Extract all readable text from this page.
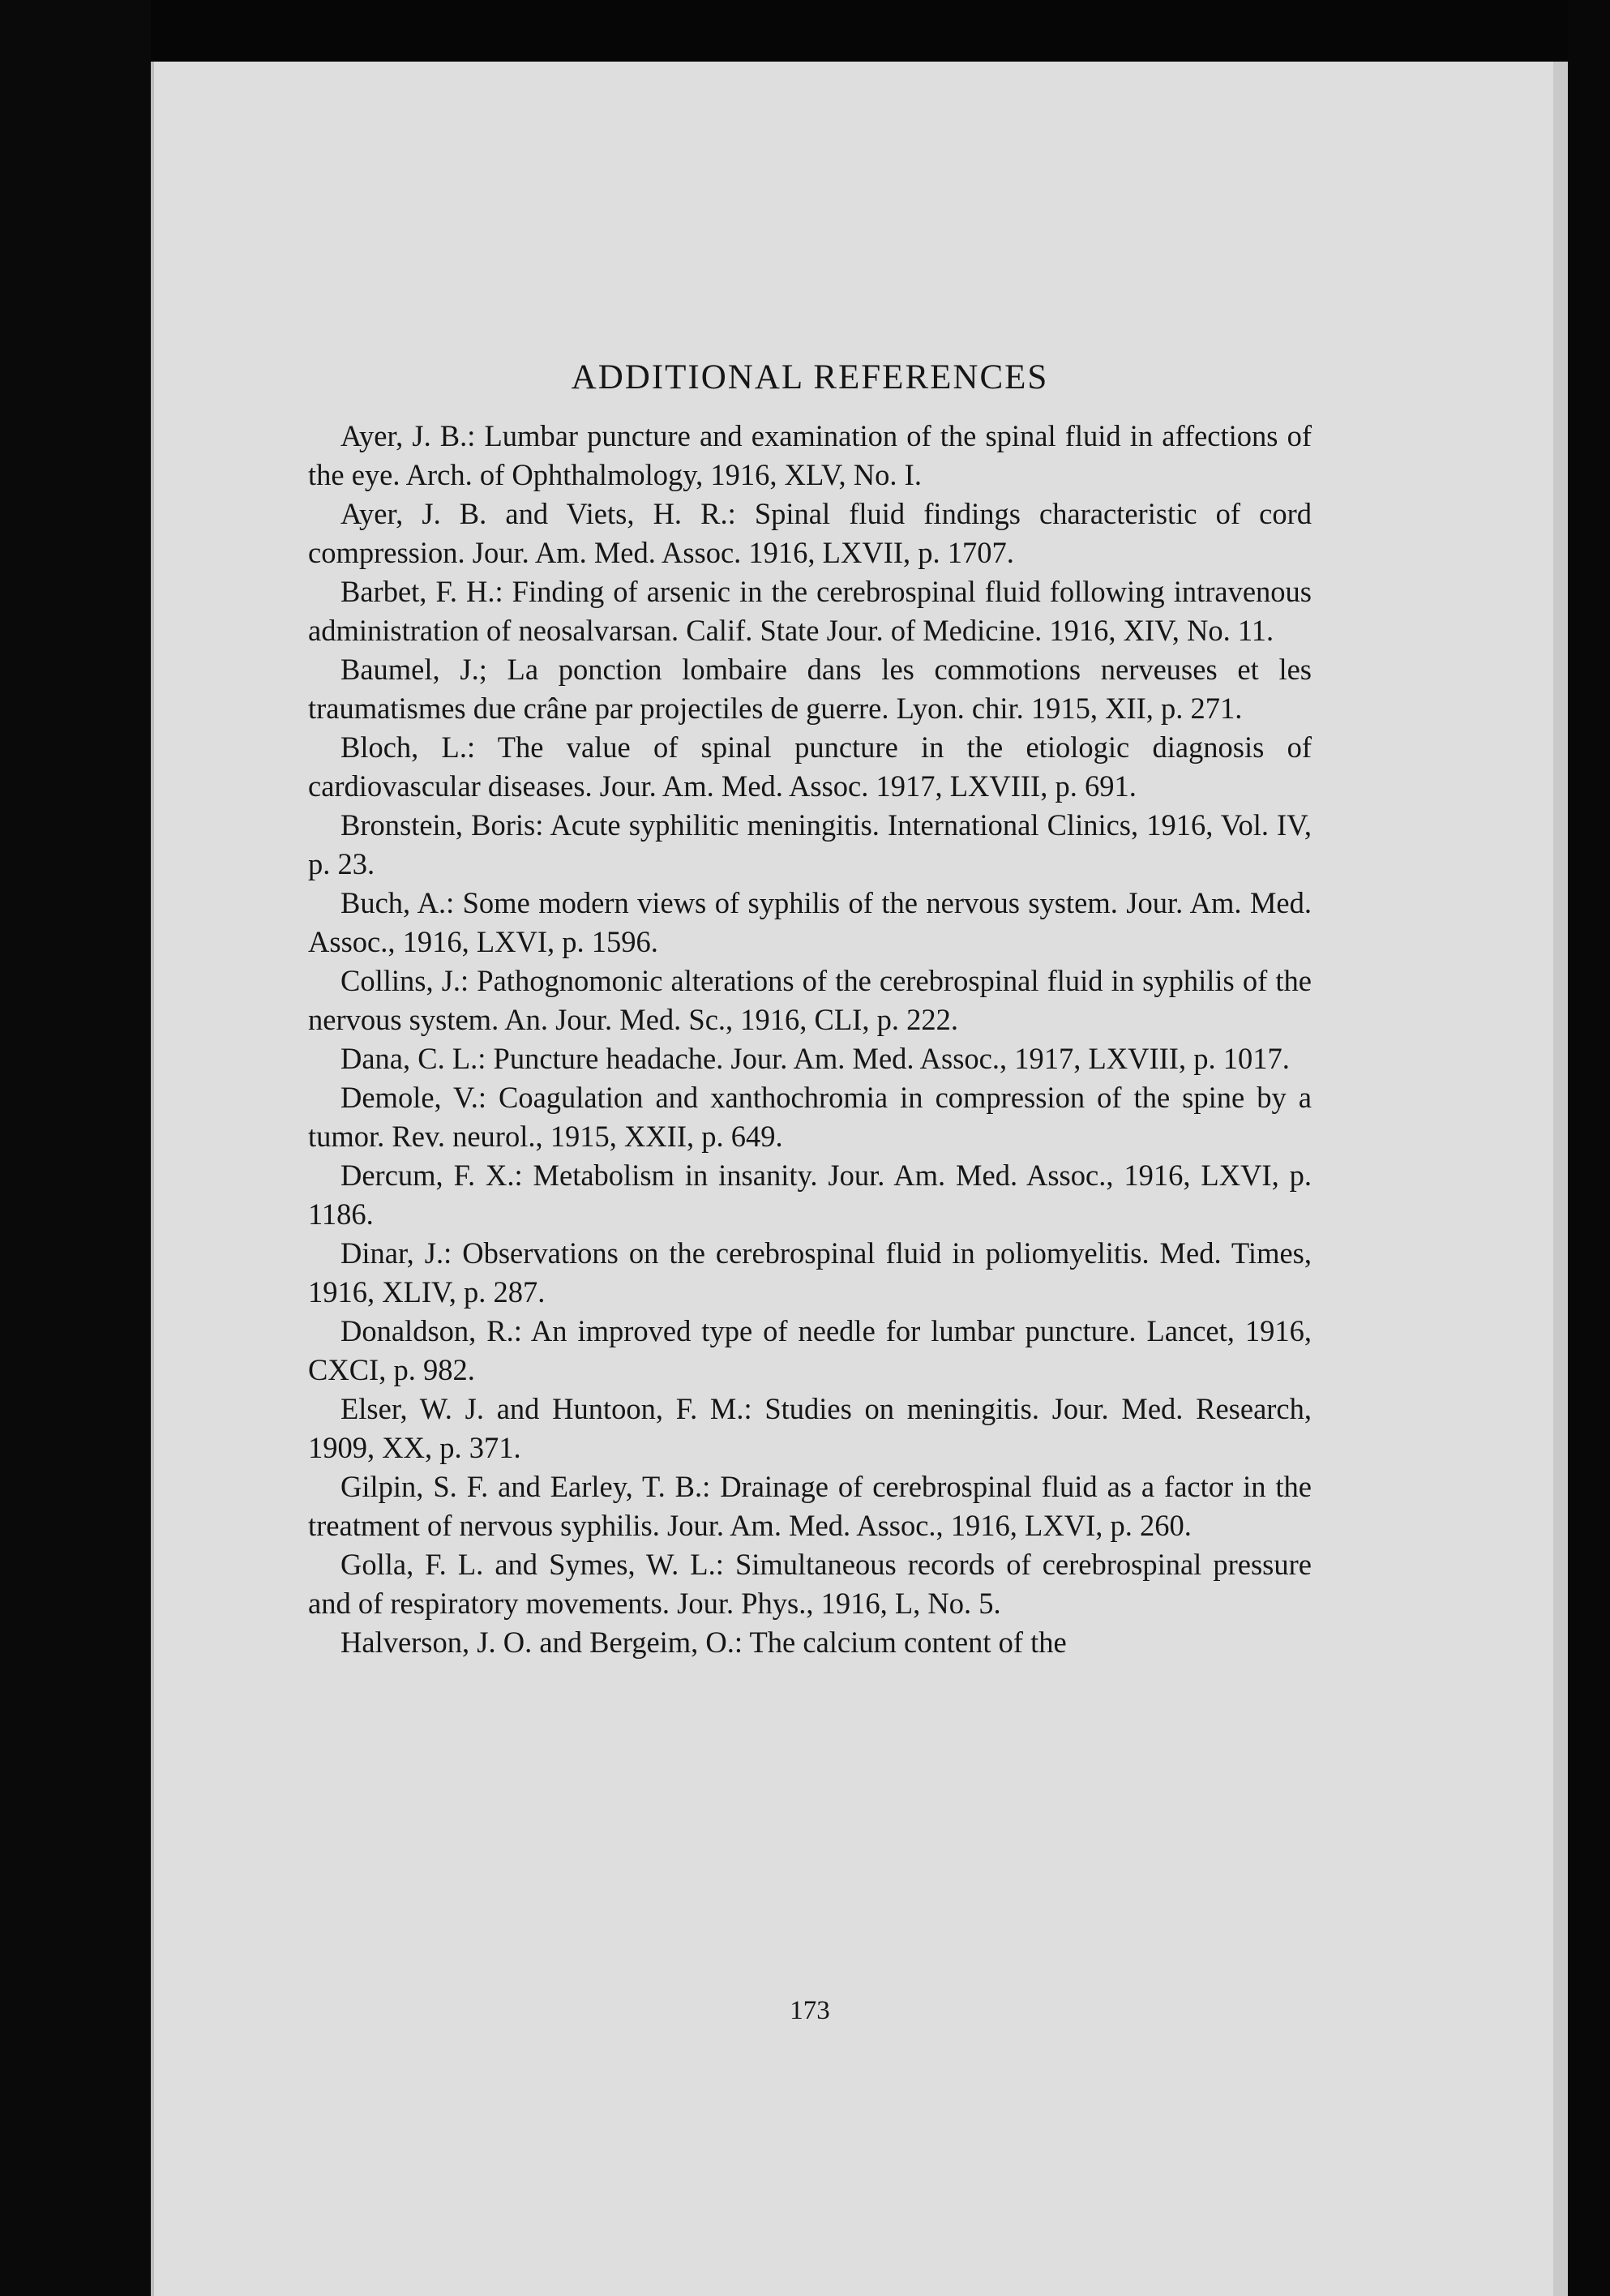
ADDITIONAL REFERENCES

Ayer, J. B.: Lumbar puncture and examination of the spinal fluid in affections of the eye. Arch. of Ophthalmology, 1916, XLV, No. I.

Ayer, J. B. and Viets, H. R.: Spinal fluid findings characteristic of cord compression. Jour. Am. Med. Assoc. 1916, LXVII, p. 1707.

Barbet, F. H.: Finding of arsenic in the cerebrospinal fluid following intravenous administration of neosalvarsan. Calif. State Jour. of Medicine. 1916, XIV, No. 11.

Baumel, J.; La ponction lombaire dans les commotions nerveuses et les traumatismes due crâne par projectiles de guerre. Lyon. chir. 1915, XII, p. 271.

Bloch, L.: The value of spinal puncture in the etiologic diagnosis of cardiovascular diseases. Jour. Am. Med. Assoc. 1917, LXVIII, p. 691.

Bronstein, Boris: Acute syphilitic meningitis. International Clinics, 1916, Vol. IV, p. 23.

Buch, A.: Some modern views of syphilis of the nervous system. Jour. Am. Med. Assoc., 1916, LXVI, p. 1596.

Collins, J.: Pathognomonic alterations of the cerebrospinal fluid in syphilis of the nervous system. An. Jour. Med. Sc., 1916, CLI, p. 222.

Dana, C. L.: Puncture headache. Jour. Am. Med. Assoc., 1917, LXVIII, p. 1017.

Demole, V.: Coagulation and xanthochromia in compression of the spine by a tumor. Rev. neurol., 1915, XXII, p. 649.

Dercum, F. X.: Metabolism in insanity. Jour. Am. Med. Assoc., 1916, LXVI, p. 1186.

Dinar, J.: Observations on the cerebrospinal fluid in poliomyelitis. Med. Times, 1916, XLIV, p. 287.

Donaldson, R.: An improved type of needle for lumbar puncture. Lancet, 1916, CXCI, p. 982.

Elser, W. J. and Huntoon, F. M.: Studies on meningitis. Jour. Med. Research, 1909, XX, p. 371.

Gilpin, S. F. and Earley, T. B.: Drainage of cerebrospinal fluid as a factor in the treatment of nervous syphilis. Jour. Am. Med. Assoc., 1916, LXVI, p. 260.

Golla, F. L. and Symes, W. L.: Simultaneous records of cerebrospinal pressure and of respiratory movements. Jour. Phys., 1916, L, No. 5.

Halverson, J. O. and Bergeim, O.: The calcium content of the

173
